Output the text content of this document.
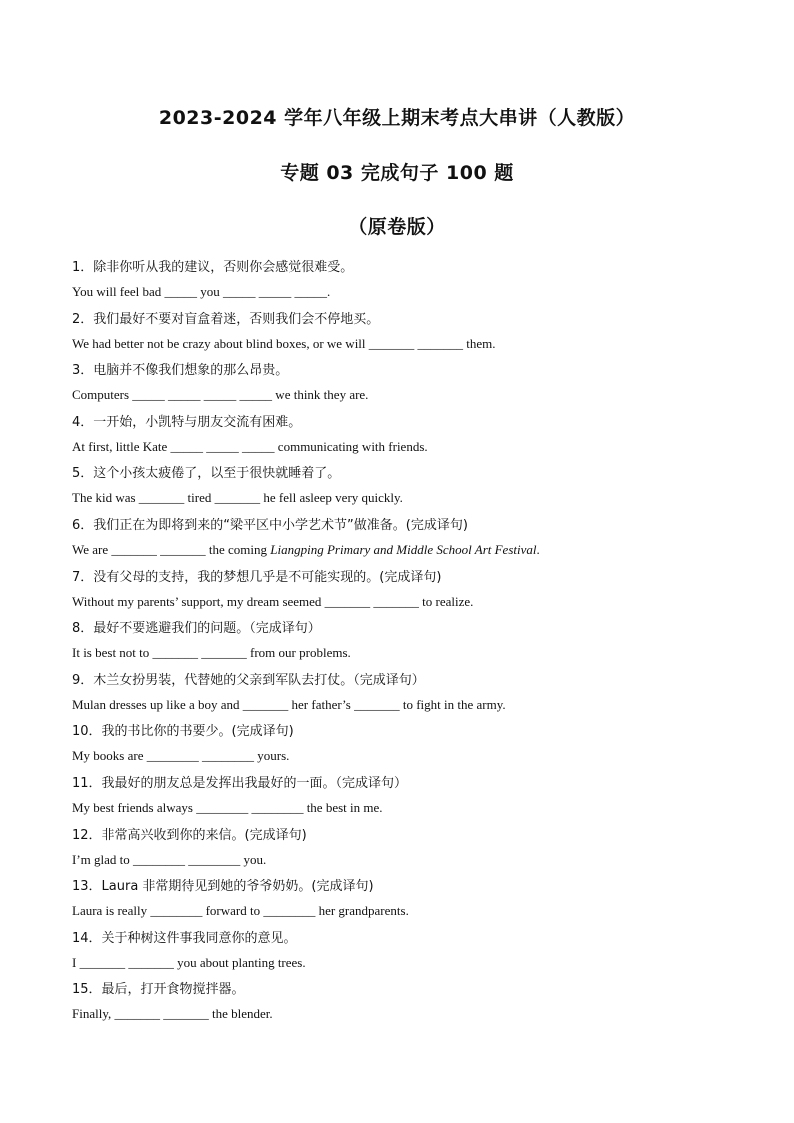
2023-2024 学年八年级上期末考点大串讲（人教版）
专题 03 完成句子 100 题
（原卷版）
1．除非你听从我的建议，否则你会感觉很难受。
You will feel bad _____ you _____ _____ _____.
2．我们最好不要对盲盒着迷，否则我们会不停地买。
We had better not be crazy about blind boxes, or we will _______ _______ them.
3．电脑并不像我们想象的那么昂贵。
Computers _____ _____ _____ _____ we think they are.
4．一开始，小凯特与朋友交流有困难。
At first, little Kate _____ _____ _____ communicating with friends.
5．这个小孩太疲倦了，以至于很快就睡着了。
The kid was _______ tired _______ he fell asleep very quickly.
6．我们正在为即将到来的“梁平区中小学艺术节”做准备。(完成译句)
We are _______ _______ the coming Liangping Primary and Middle School Art Festival.
7．没有父母的支持，我的梦想几乎是不可能实现的。(完成译句)
Without my parents’ support, my dream seemed _______ _______ to realize.
8．最好不要逃避我们的问题。（完成译句）
It is best not to _______ _______ from our problems.
9．木兰女扮男装，代替她的父亲到军队去打仗。（完成译句）
Mulan dresses up like a boy and _______ her father’s _______ to fight in the army.
10．我的书比你的书要少。(完成译句)
My books are ________ ________ yours.
11．我最好的朋友总是发挥出我最好的一面。（完成译句）
My best friends always ________ ________ the best in me.
12．非常高兴收到你的来信。(完成译句)
I’m glad to ________ ________ you.
13．Laura 非常期待见到她的爷爷奶奶。(完成译句)
Laura is really ________ forward to ________ her grandparents.
14．关于种树这件事我同意你的意见。
I _______ _______ you about planting trees.
15．最后，打开食物搅拌器。
Finally, _______ _______ the blender.
